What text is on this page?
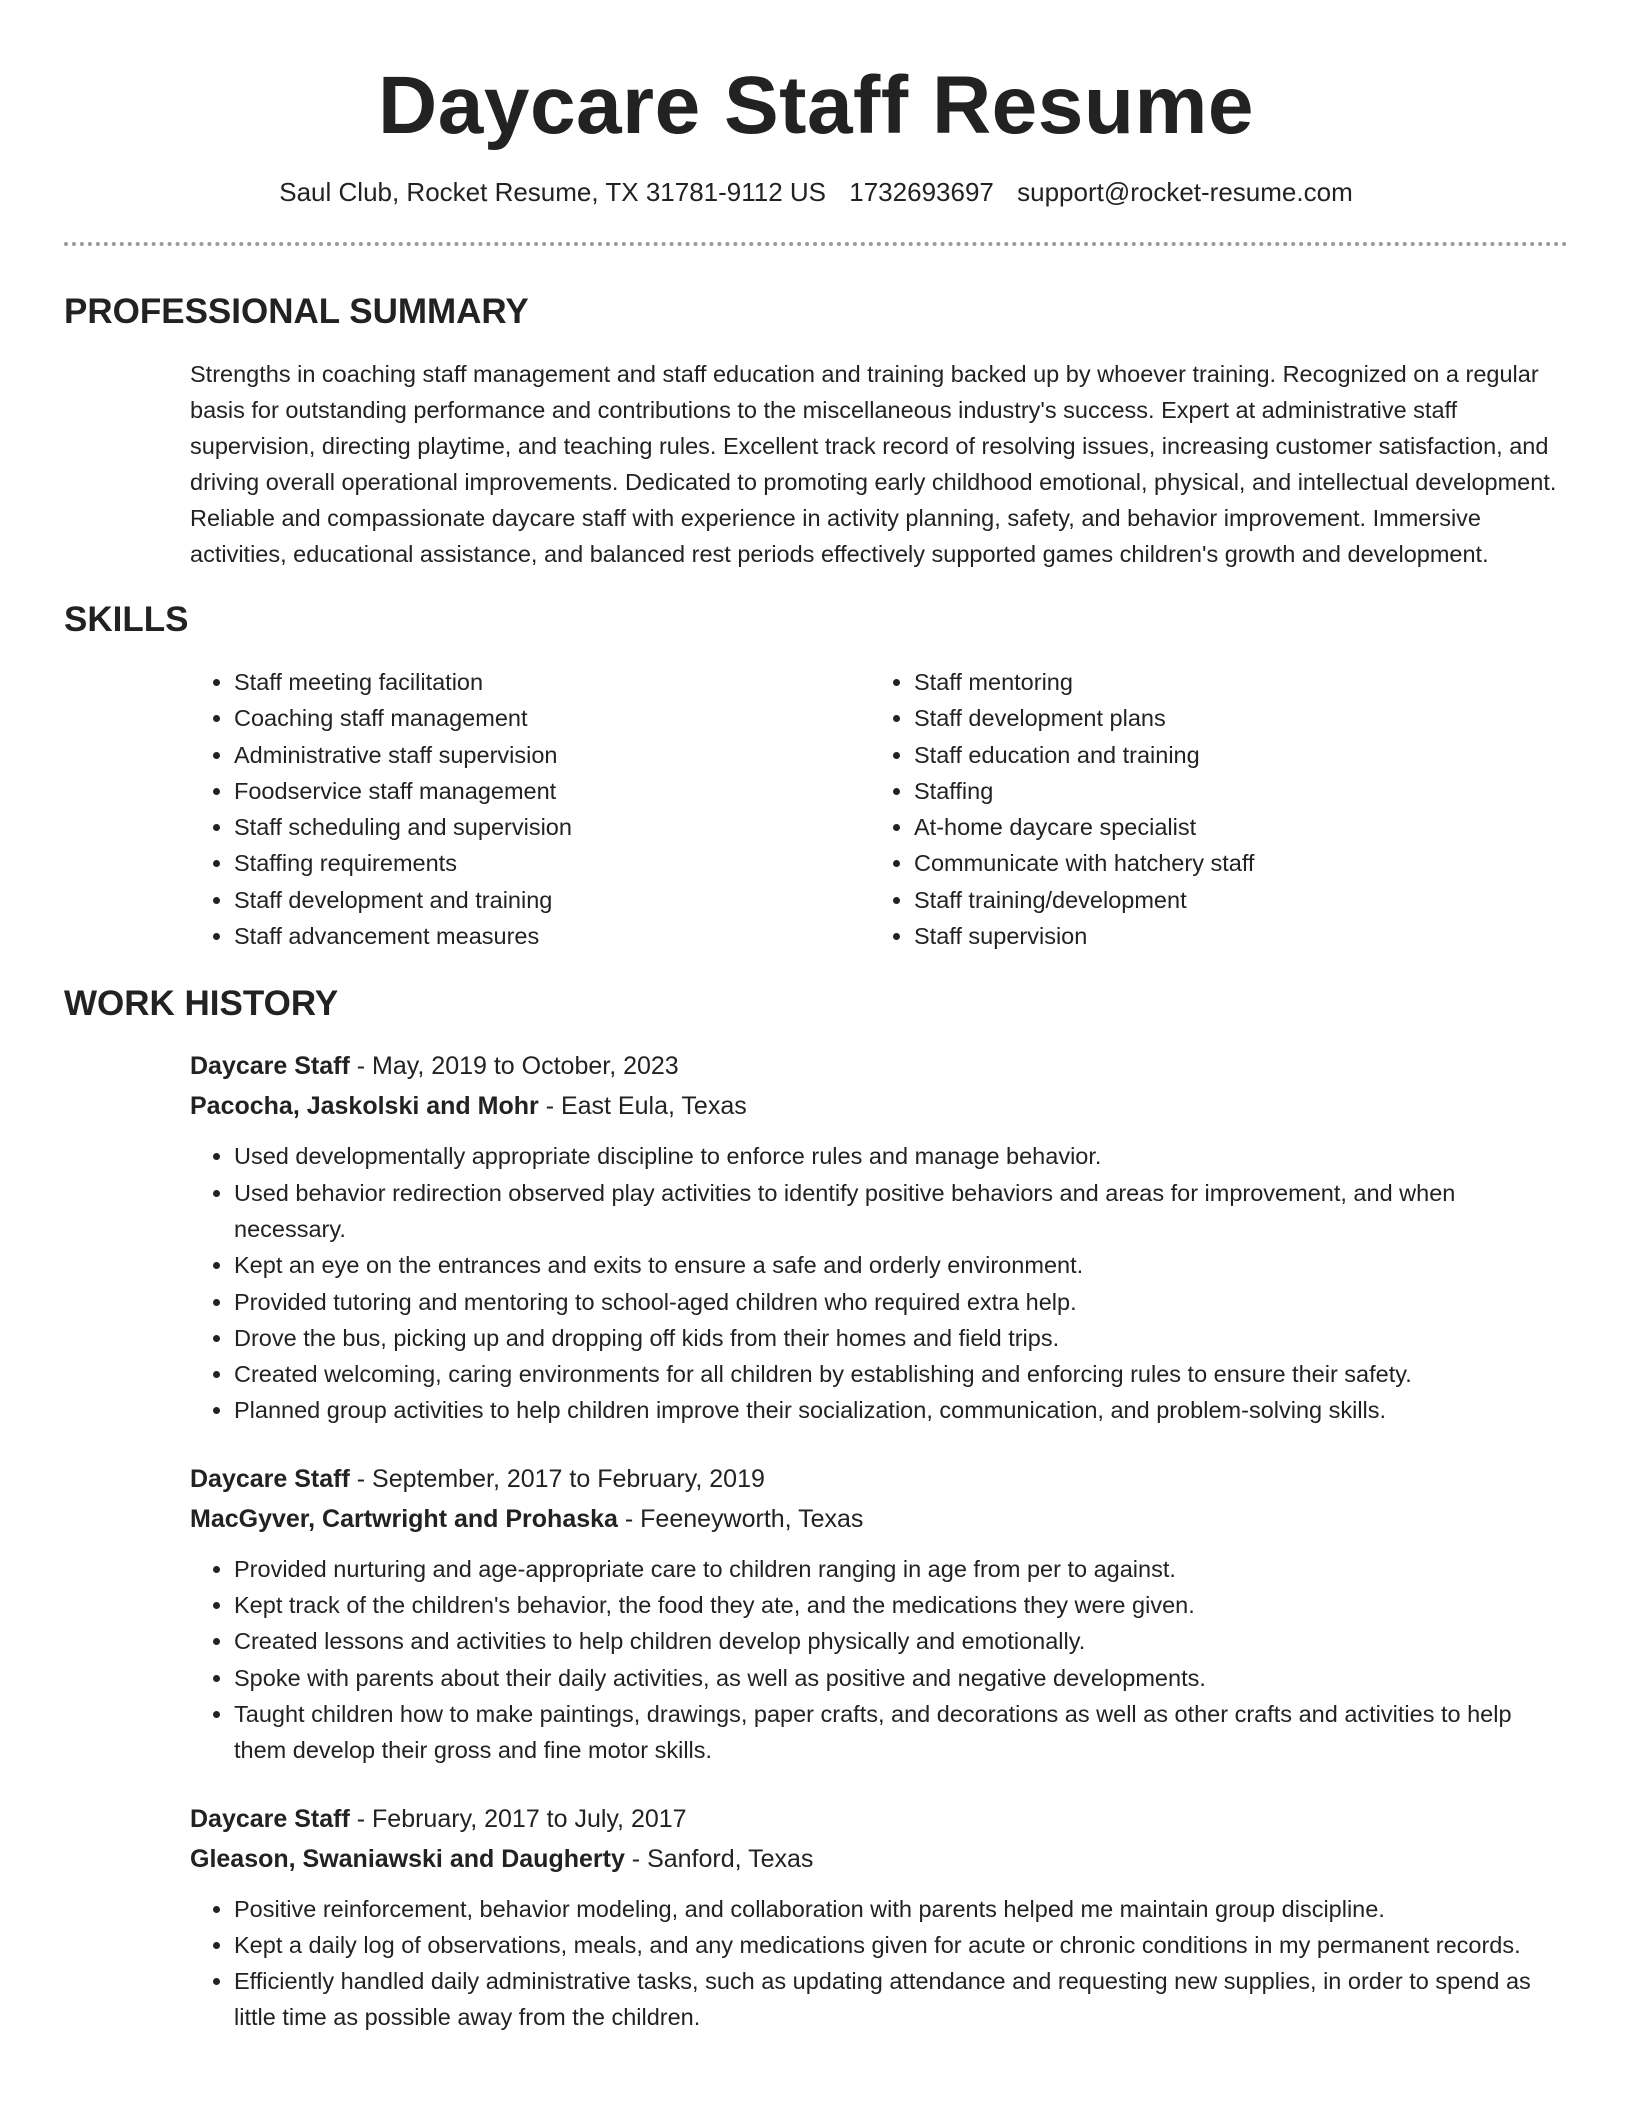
Daycare Staff Resume
Saul Club, Rocket Resume, TX 31781-9112 US 1732693697 support@rocket-resume.com
PROFESSIONAL SUMMARY
Strengths in coaching staff management and staff education and training backed up by whoever training. Recognized on a regular basis for outstanding performance and contributions to the miscellaneous industry's success. Expert at administrative staff supervision, directing playtime, and teaching rules. Excellent track record of resolving issues, increasing customer satisfaction, and driving overall operational improvements. Dedicated to promoting early childhood emotional, physical, and intellectual development. Reliable and compassionate daycare staff with experience in activity planning, safety, and behavior improvement. Immersive activities, educational assistance, and balanced rest periods effectively supported games children's growth and development.
SKILLS
• Staff meeting facilitation
• Coaching staff management
• Administrative staff supervision
• Foodservice staff management
• Staff scheduling and supervision
• Staffing requirements
• Staff development and training
• Staff advancement measures
• Staff mentoring
• Staff development plans
• Staff education and training
• Staffing
• At-home daycare specialist
• Communicate with hatchery staff
• Staff training/development
• Staff supervision
WORK HISTORY
Daycare Staff - May, 2019 to October, 2023
Pacocha, Jaskolski and Mohr - East Eula, Texas
• Used developmentally appropriate discipline to enforce rules and manage behavior.
• Used behavior redirection observed play activities to identify positive behaviors and areas for improvement, and when necessary.
• Kept an eye on the entrances and exits to ensure a safe and orderly environment.
• Provided tutoring and mentoring to school-aged children who required extra help.
• Drove the bus, picking up and dropping off kids from their homes and field trips.
• Created welcoming, caring environments for all children by establishing and enforcing rules to ensure their safety.
• Planned group activities to help children improve their socialization, communication, and problem-solving skills.
Daycare Staff - September, 2017 to February, 2019
MacGyver, Cartwright and Prohaska - Feeneyworth, Texas
• Provided nurturing and age-appropriate care to children ranging in age from per to against.
• Kept track of the children's behavior, the food they ate, and the medications they were given.
• Created lessons and activities to help children develop physically and emotionally.
• Spoke with parents about their daily activities, as well as positive and negative developments.
• Taught children how to make paintings, drawings, paper crafts, and decorations as well as other crafts and activities to help them develop their gross and fine motor skills.
Daycare Staff - February, 2017 to July, 2017
Gleason, Swaniawski and Daugherty - Sanford, Texas
• Positive reinforcement, behavior modeling, and collaboration with parents helped me maintain group discipline.
• Kept a daily log of observations, meals, and any medications given for acute or chronic conditions in my permanent records.
• Efficiently handled daily administrative tasks, such as updating attendance and requesting new supplies, in order to spend as little time as possible away from the children.
